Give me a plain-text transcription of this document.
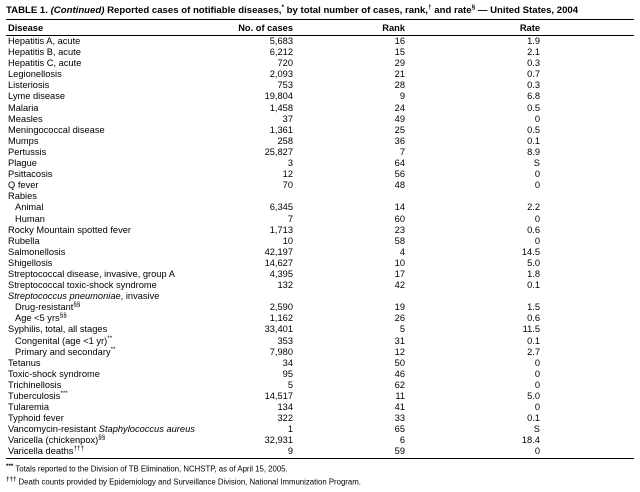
TABLE 1. (Continued) Reported cases of notifiable diseases,* by total number of cases, rank,† and rate§ — United States, 2004
Disease	No. of cases	Rank	Rate	
Hepatitis A, acute	5,683	16	1.9	
Hepatitis B, acute	6,212	15	2.1	
Hepatitis C, acute	720	29	0.3	
Legionellosis	2,093	21	0.7	
Listeriosis	753	28	0.3	
Lyme disease	19,804	9	6.8	
Malaria	1,458	24	0.5	
Measles	37	49	0	
Meningococcal disease	1,361	25	0.5	
Mumps	258	36	0.1	
Pertussis	25,827	7	8.9	
Plague	3	64	S	
Psittacosis	12	56	0	
Q fever	70	48	0	
Rabies				
Animal	6,345	14	2.2	
Human	7	60	0	
Rocky Mountain spotted fever	1,713	23	0.6	
Rubella	10	58	0	
Salmonellosis	42,197	4	14.5	
Shigellosis	14,627	10	5.0	
Streptococcal disease, invasive, group A	4,395	17	1.8	
Streptococcal toxic-shock syndrome	132	42	0.1	
Streptococcus pneumoniae, invasive				
Drug-resistant§§	2,590	19	1.5	
Age <5 yrs§§	1,162	26	0.6	
Syphilis, total, all stages	33,401	5	11.5	
Congenital (age <1 yr)**	353	31	0.1	
Primary and secondary**	7,980	12	2.7	
Tetanus	34	50	0	
Toxic-shock syndrome	95	46	0	
Trichinellosis	5	62	0	
Tuberculosis***	14,517	11	5.0	
Tularemia	134	41	0	
Typhoid fever	322	33	0.1	
Vancomycin-resistant Staphylococcus aureus	1	65	S	
Varicella (chickenpox)§§	32,931	6	18.4	
Varicella deaths†††	9	59	0	
*** Totals reported to the Division of TB Elimination, NCHSTP, as of April 15, 2005.
††† Death counts provided by Epidemiology and Surveillance Division, National Immunization Program.
